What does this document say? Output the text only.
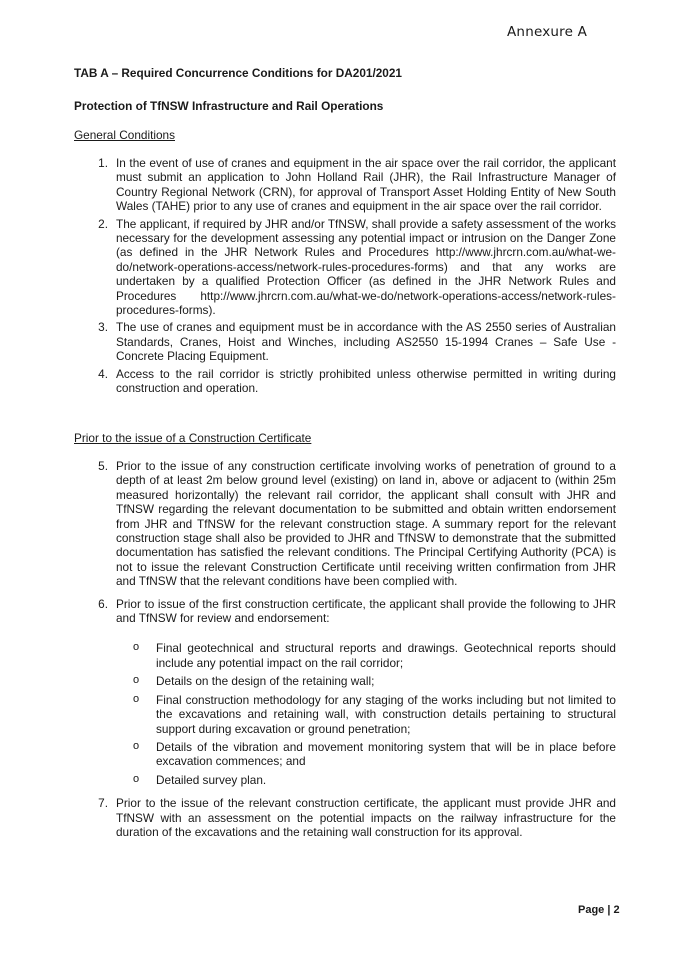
Annexure A
TAB A – Required Concurrence Conditions for DA201/2021
Protection of TfNSW Infrastructure and Rail Operations
General Conditions
1. In the event of use of cranes and equipment in the air space over the rail corridor, the applicant must submit an application to John Holland Rail (JHR), the Rail Infrastructure Manager of Country Regional Network (CRN), for approval of Transport Asset Holding Entity of New South Wales (TAHE) prior to any use of cranes and equipment in the air space over the rail corridor.
2. The applicant, if required by JHR and/or TfNSW, shall provide a safety assessment of the works necessary for the development assessing any potential impact or intrusion on the Danger Zone (as defined in the JHR Network Rules and Procedures http://www.jhrcrn.com.au/what-we-do/network-operations-access/network-rules-procedures-forms) and that any works are undertaken by a qualified Protection Officer (as defined in the JHR Network Rules and Procedures http://www.jhrcrn.com.au/what-we-do/network-operations-access/network-rules-procedures-forms).
3. The use of cranes and equipment must be in accordance with the AS 2550 series of Australian Standards, Cranes, Hoist and Winches, including AS2550 15-1994 Cranes – Safe Use - Concrete Placing Equipment.
4. Access to the rail corridor is strictly prohibited unless otherwise permitted in writing during construction and operation.
Prior to the issue of a Construction Certificate
5. Prior to the issue of any construction certificate involving works of penetration of ground to a depth of at least 2m below ground level (existing) on land in, above or adjacent to (within 25m measured horizontally) the relevant rail corridor, the applicant shall consult with JHR and TfNSW regarding the relevant documentation to be submitted and obtain written endorsement from JHR and TfNSW for the relevant construction stage. A summary report for the relevant construction stage shall also be provided to JHR and TfNSW to demonstrate that the submitted documentation has satisfied the relevant conditions. The Principal Certifying Authority (PCA) is not to issue the relevant Construction Certificate until receiving written confirmation from JHR and TfNSW that the relevant conditions have been complied with.
6. Prior to issue of the first construction certificate, the applicant shall provide the following to JHR and TfNSW for review and endorsement:
o Final geotechnical and structural reports and drawings. Geotechnical reports should include any potential impact on the rail corridor;
o Details on the design of the retaining wall;
o Final construction methodology for any staging of the works including but not limited to the excavations and retaining wall, with construction details pertaining to structural support during excavation or ground penetration;
o Details of the vibration and movement monitoring system that will be in place before excavation commences; and
o Detailed survey plan.
7. Prior to the issue of the relevant construction certificate, the applicant must provide JHR and TfNSW with an assessment on the potential impacts on the railway infrastructure for the duration of the excavations and the retaining wall construction for its approval.
Page | 2
